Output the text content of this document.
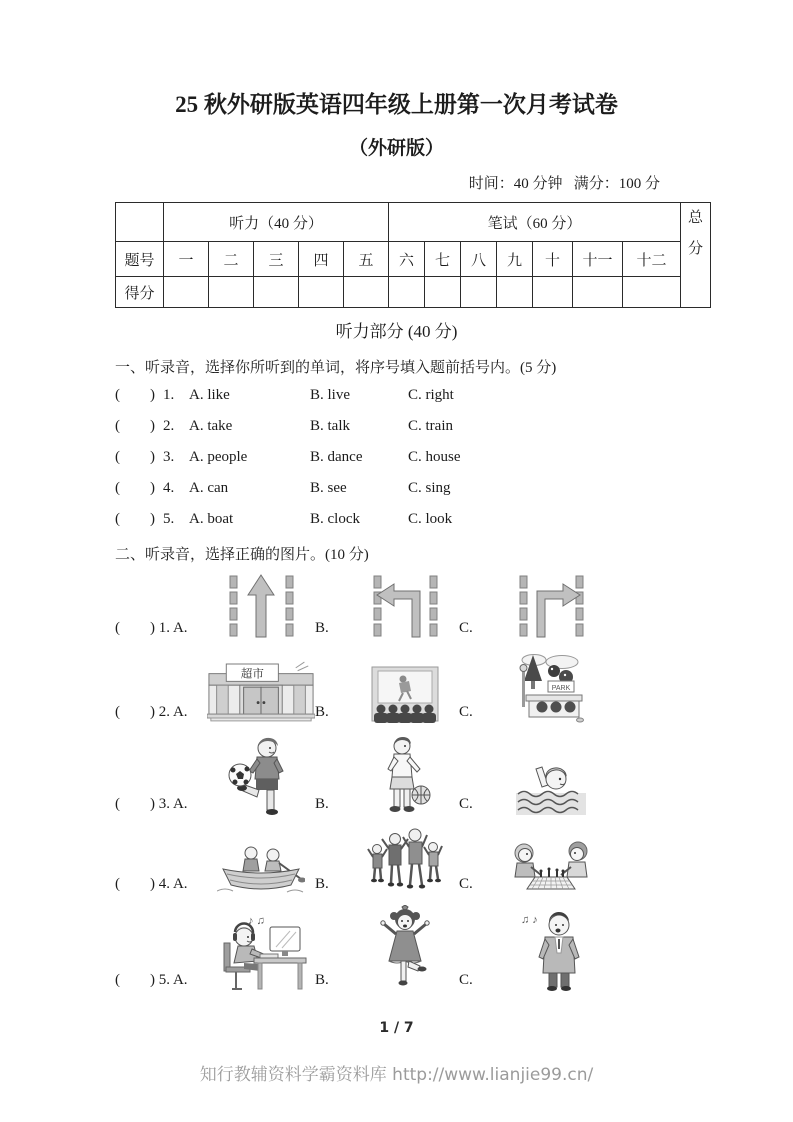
25 秋外研版英语四年级上册第一次月考试卷
（外研版）
时间：40 分钟   满分：100 分
	听力（40 分）					笔试（60 分）							总分
题号	一	二	三	四	五	六	七	八	九	十	十一	十二	
得分													
听力部分 (40 分)
一、听录音，选择你所听到的单词，将序号填入题前括号内。(5 分)
(        ) 1. A. like	B. live	C. right
(        ) 2. A. take	B. talk	C. train
(        ) 3. A. people	B. dance	C. house
(        ) 4. A. can	B. see	C. sing
(        ) 5. A. boat	B. clock	C. look
二、听录音，选择正确的图片。(10 分)
(        ) 1. A.	B.	C.
(        ) 2. A.
超市
B.	C.
PARK
(        ) 3. A.	B.	C.
(        ) 4. A.	B.	C.
(        ) 5. A.
♪ ♫
B.	C.
♫ ♪
1 / 7
知行教辅资料学霸资料库 http://www.lianjie99.cn/
